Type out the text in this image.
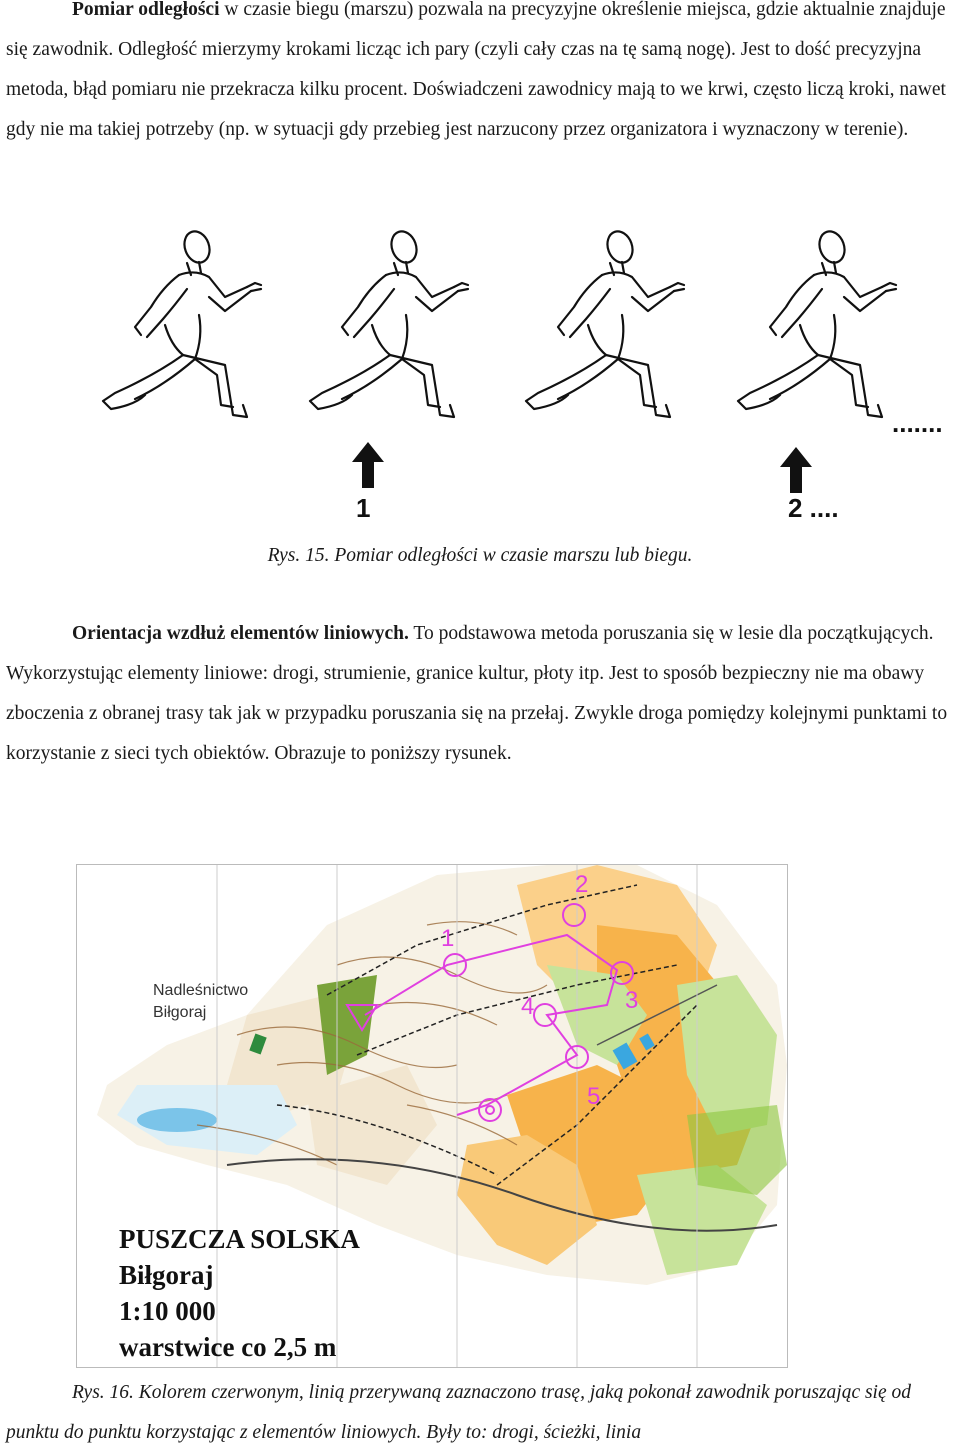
Pomiar odległości w czasie biegu (marszu) pozwala na precyzyjne określenie miejsca, gdzie aktualnie znajduje się zawodnik. Odległość mierzymy krokami licząc ich pary (czyli cały czas na tę samą nogę). Jest to dość precyzyjna metoda, błąd pomiaru nie przekracza kilku procent. Doświadczeni zawodnicy mają to we krwi, często liczą kroki, nawet gdy nie ma takiej potrzeby (np. w sytuacji gdy przebieg jest narzucony przez organizatora i wyznaczony w terenie).

1	2 ....
.......
Rys. 15. Pomiar odległości w czasie marszu lub biegu.

Orientacja wzdłuż elementów liniowych. To podstawowa metoda poruszania się w lesie dla początkujących. Wykorzystując elementy liniowe: drogi, strumienie, granice kultur, płoty itp. Jest to sposób bezpieczny nie ma obawy zboczenia z obranej trasy tak jak w przypadku poruszania się na przełaj. Zwykle droga pomiędzy kolejnymi punktami to korzystanie z sieci tych obiektów. Obrazuje to poniższy rysunek.

Nadleśnictwo
Biłgoraj
1
2
3
4
5
PUSZCZA SOLSKA
Biłgoraj
1:10 000
warstwice co 2,5 m

Rys. 16. Kolorem czerwonym, linią przerywaną zaznaczono trasę, jaką pokonał zawodnik poruszając się od punktu do punktu korzystając z elementów liniowych. Były to: drogi, ścieżki, linia
